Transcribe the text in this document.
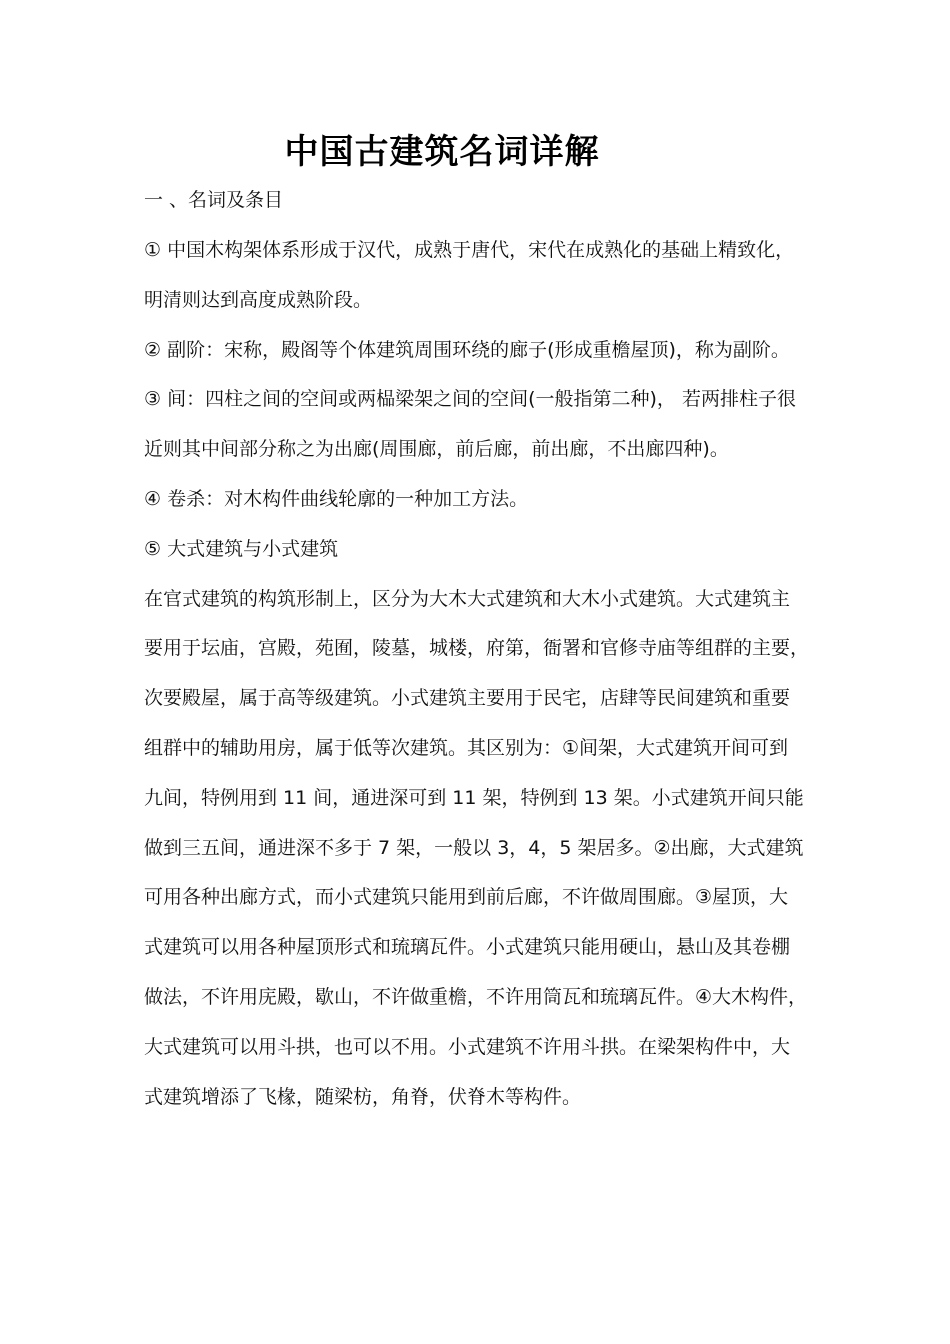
中国古建筑名词详解
一 、名词及条目
① 中国木构架体系形成于汉代，成熟于唐代，宋代在成熟化的基础上精致化，
明清则达到高度成熟阶段。
② 副阶：宋称，殿阁等个体建筑周围环绕的廊子(形成重檐屋顶)，称为副阶。
③ 间：四柱之间的空间或两榀梁架之间的空间(一般指第二种)， 若两排柱子很
近则其中间部分称之为出廊(周围廊，前后廊，前出廊，不出廊四种)。
④ 卷杀：对木构件曲线轮廓的一种加工方法。
⑤ 大式建筑与小式建筑
在官式建筑的构筑形制上，区分为大木大式建筑和大木小式建筑。大式建筑主
要用于坛庙，宫殿，苑囿，陵墓，城楼，府第，衙署和官修寺庙等组群的主要，
次要殿屋，属于高等级建筑。小式建筑主要用于民宅，店肆等民间建筑和重要
组群中的辅助用房，属于低等次建筑。其区别为：①间架，大式建筑开间可到
九间，特例用到 11 间，通进深可到 11 架，特例到 13 架。小式建筑开间只能
做到三五间，通进深不多于 7 架，一般以 3，4，5 架居多。②出廊，大式建筑
可用各种出廊方式，而小式建筑只能用到前后廊，不许做周围廊。③屋顶，大
式建筑可以用各种屋顶形式和琉璃瓦件。小式建筑只能用硬山，悬山及其卷棚
做法，不许用庑殿，歇山，不许做重檐，不许用筒瓦和琉璃瓦件。④大木构件，
大式建筑可以用斗拱，也可以不用。小式建筑不许用斗拱。在梁架构件中，大
式建筑增添了飞椽，随梁枋，角脊，伏脊木等构件。
